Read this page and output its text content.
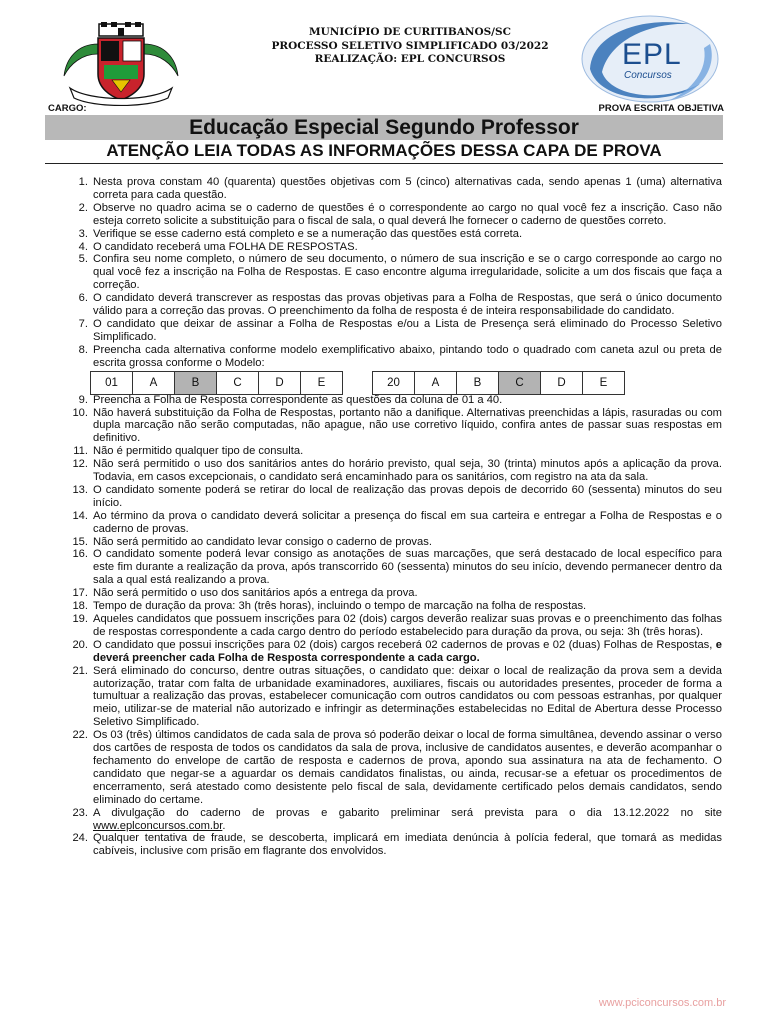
MUNICÍPIO DE CURITIBANOS/SC
PROCESSO SELETIVO SIMPLIFICADO 03/2022
REALIZAÇÃO: EPL CONCURSOS	EPL
Concursos
CARGO:	PROVA ESCRITA OBJETIVA
Educação Especial Segundo Professor
ATENÇÃO LEIA TODAS AS INFORMAÇÕES DESSA CAPA DE PROVA
1. Nesta prova constam 40 (quarenta) questões objetivas com 5 (cinco) alternativas cada, sendo apenas 1 (uma) alternativa correta para cada questão.
2. Observe no quadro acima se o caderno de questões é o correspondente ao cargo no qual você fez a inscrição. Caso não esteja correto solicite a substituição para o fiscal de sala, o qual deverá lhe fornecer o caderno de questões correto.
3. Verifique se esse caderno está completo e se a numeração das questões está correta.
4. O candidato receberá uma FOLHA DE RESPOSTAS.
5. Confira seu nome completo, o número de seu documento, o número de sua inscrição e se o cargo corresponde ao cargo no qual você fez a inscrição na Folha de Respostas. E caso encontre alguma irregularidade, solicite a um dos fiscais que faça a correção.
6. O candidato deverá transcrever as respostas das provas objetivas para a Folha de Respostas, que será o único documento válido para a correção das provas. O preenchimento da folha de resposta é de inteira responsabilidade do candidato.
7. O candidato que deixar de assinar a Folha de Respostas e/ou a Lista de Presença será eliminado do Processo Seletivo Simplificado.
8. Preencha cada alternativa conforme modelo exemplificativo abaixo, pintando todo o quadrado com caneta azul ou preta de escrita grossa conforme o Modelo:
01	A	B	C	D	E	20	A	B	C	D	E
9. Preencha a Folha de Resposta correspondente as questões da coluna de 01 a 40.
10. Não haverá substituição da Folha de Respostas, portanto não a danifique. Alternativas preenchidas a lápis, rasuradas ou com dupla marcação não serão computadas, não apague, não use corretivo líquido, confira antes de passar suas respostas em definitivo.
11. Não é permitido qualquer tipo de consulta.
12. Não será permitido o uso dos sanitários antes do horário previsto, qual seja, 30 (trinta) minutos após a aplicação da prova. Todavia, em casos excepcionais, o candidato será encaminhado para os sanitários, com registro na ata da sala.
13. O candidato somente poderá se retirar do local de realização das provas depois de decorrido 60 (sessenta) minutos do seu início.
14. Ao término da prova o candidato deverá solicitar a presença do fiscal em sua carteira e entregar a Folha de Respostas e o caderno de provas.
15. Não será permitido ao candidato levar consigo o caderno de provas.
16. O candidato somente poderá levar consigo as anotações de suas marcações, que será destacado de local específico para este fim durante a realização da prova, após transcorrido 60 (sessenta) minutos do seu início, devendo permanecer dentro da sala a qual está realizando a prova.
17. Não será permitido o uso dos sanitários após a entrega da prova.
18. Tempo de duração da prova: 3h (três horas), incluindo o tempo de marcação na folha de respostas.
19. Aqueles candidatos que possuem inscrições para 02 (dois) cargos deverão realizar suas provas e o preenchimento das folhas de respostas correspondente a cada cargo dentro do período estabelecido para duração da prova, ou seja: 3h (três horas).
20. O candidato que possui inscrições para 02 (dois) cargos receberá 02 cadernos de provas e 02 (duas) Folhas de Respostas, e deverá preencher cada Folha de Resposta correspondente a cada cargo.
21. Será eliminado do concurso, dentre outras situações, o candidato que: deixar o local de realização da prova sem a devida autorização, tratar com falta de urbanidade examinadores, auxiliares, fiscais ou autoridades presentes, proceder de forma a tumultuar a realização das provas, estabelecer comunicação com outros candidatos ou com pessoas estranhas, por qualquer meio, utilizar-se de material não autorizado e infringir as determinações estabelecidas no Edital de Abertura desse Processo Seletivo Simplificado.
22. Os 03 (três) últimos candidatos de cada sala de prova só poderão deixar o local de forma simultânea, devendo assinar o verso dos cartões de resposta de todos os candidatos da sala de prova, inclusive de candidatos ausentes, e deverão acompanhar o fechamento do envelope de cartão de resposta e cadernos de prova, apondo sua assinatura na ata de fechamento. O candidato que negar-se a aguardar os demais candidatos finalistas, ou ainda, recusar-se a efetuar os procedimentos de encerramento, será atestado como desistente pelo fiscal de sala, devidamente certificado pelos demais candidatos, sendo eliminado do certame.
23. A divulgação do caderno de provas e gabarito preliminar será prevista para o dia 13.12.2022 no site www.eplconcursos.com.br.
24. Qualquer tentativa de fraude, se descoberta, implicará em imediata denúncia à polícia federal, que tomará as medidas cabíveis, inclusive com prisão em flagrante dos envolvidos.
www.pciconcursos.com.br
